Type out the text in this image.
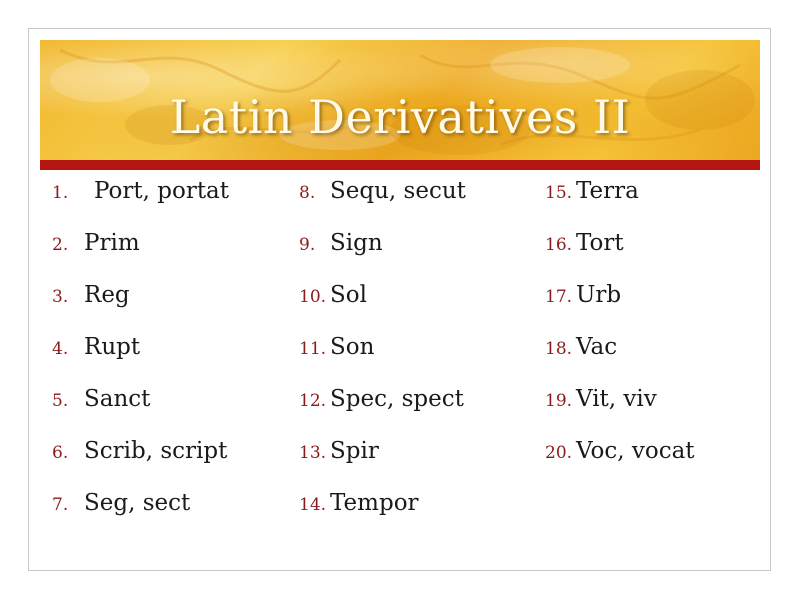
Latin Derivatives II
1. Port, portat
2. Prim
3. Reg
4. Rupt
5. Sanct
6. Scrib, script
7. Seg, sect
8. Sequ, secut
9. Sign
10. Sol
11. Son
12. Spec, spect
13. Spir
14. Tempor
15. Terra
16. Tort
17. Urb
18. Vac
19. Vit, viv
20. Voc, vocat
